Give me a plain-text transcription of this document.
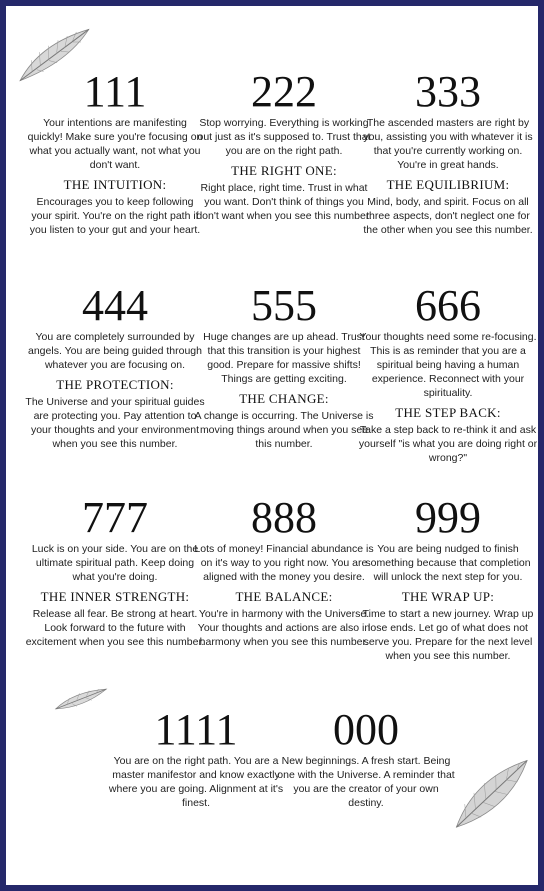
111

Your intentions are manifesting quickly! Make sure you're focusing on what you actually want, not what you don't want.

THE INTUITION:

Encourages you to keep following your spirit. You're on the right path if you listen to your gut and your heart.

222

Stop worrying. Everything is working out just as it's supposed to. Trust that you are on the right path.

THE RIGHT ONE:

Right place, right time. Trust in what you want. Don't think of things you don't want when you see this number.

333

The ascended masters are right by you, assisting you with whatever it is that you're currently working on. You're in great hands.

THE EQUILIBRIUM:

Mind, body, and spirit. Focus on all three aspects, don't neglect one for the other when you see this number.

444

You are completely surrounded by angels. You are being guided through whatever you are focusing on.

THE PROTECTION:

The Universe and your spiritual guides are protecting you. Pay attention to your thoughts and your environment when you see this number.

555

Huge changes are up ahead. Trust that this transition is your highest good. Prepare for massive shifts! Things are getting exciting.

THE CHANGE:

A change is occurring. The Universe is moving things around when you see this number.

666

Your thoughts need some re-focusing. This is as reminder that you are a spiritual being having a human experience. Reconnect with your spirituality.

THE STEP BACK:

Take a step back to re-think it and ask yourself "is what you are doing right or wrong?"

777

Luck is on your side. You are on the ultimate spiritual path. Keep doing what you're doing.

THE INNER STRENGTH:

Release all fear. Be strong at heart. Look forward to the future with excitement when you see this number.

888

Lots of money! Financial abundance is on it's way to you right now. You are aligned with the money you desire.

THE BALANCE:

You're in harmony with the Universe. Your thoughts and actions are also in harmony when you see this number.

999

You are being nudged to finish something because that completion will unlock the next step for you.

THE WRAP UP:

Time to start a new journey. Wrap up lose ends. Let go of what does not serve you. Prepare for the next level when you see this number.

1111

You are on the right path. You are a master manifestor and know exactly where you are going. Alignment at it's finest.

000

New beginnings. A fresh start. Being one with the Universe. A reminder that you are the creator of your own destiny.
